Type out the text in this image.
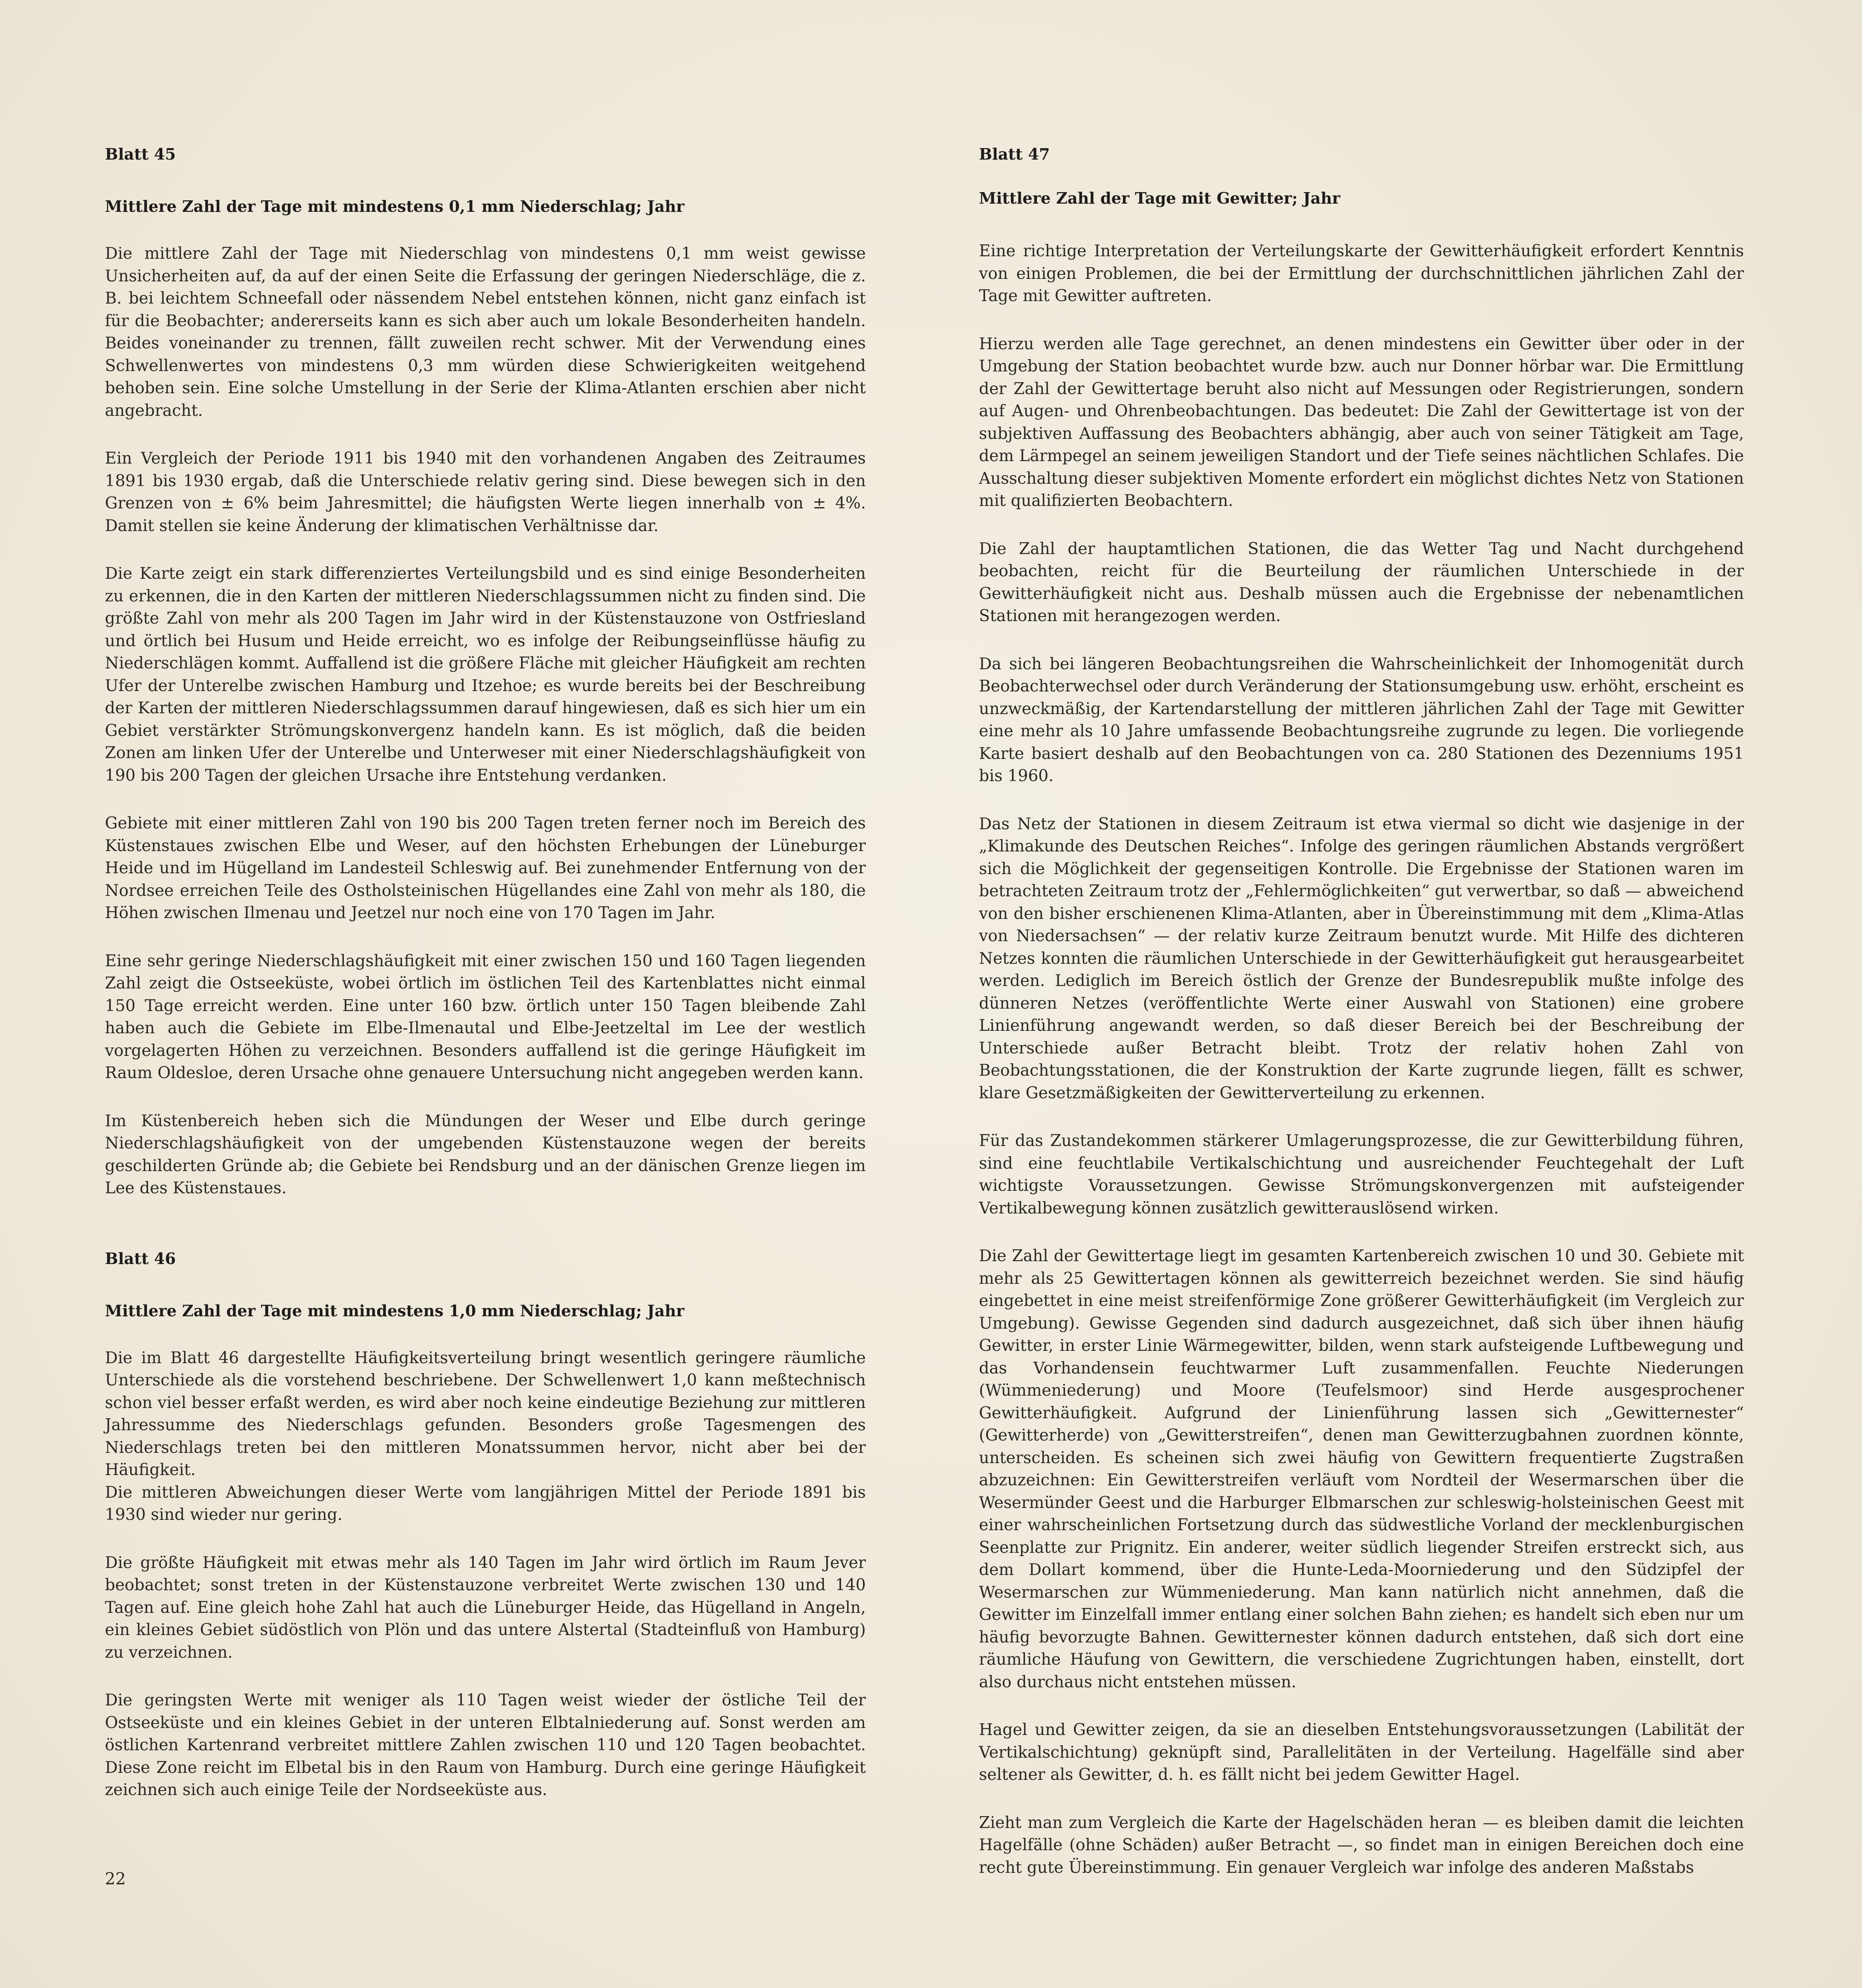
Blatt 45

Mittlere Zahl der Tage mit mindestens 0,1 mm Niederschlag; Jahr

Die mittlere Zahl der Tage mit Niederschlag von mindestens 0,1 mm weist gewisse Unsicherheiten auf, da auf der einen Seite die Erfassung der geringen Niederschläge, die z. B. bei leichtem Schneefall oder nässendem Nebel entstehen können, nicht ganz einfach ist für die Beobachter; andererseits kann es sich aber auch um lokale Besonderheiten handeln. Beides voneinander zu trennen, fällt zuweilen recht schwer. Mit der Verwendung eines Schwellenwertes von mindestens 0,3 mm würden diese Schwierigkeiten weitgehend behoben sein. Eine solche Umstellung in der Serie der Klima-Atlanten erschien aber nicht angebracht.

Ein Vergleich der Periode 1911 bis 1940 mit den vorhandenen Angaben des Zeitraumes 1891 bis 1930 ergab, daß die Unterschiede relativ gering sind. Diese bewegen sich in den Grenzen von ± 6% beim Jahresmittel; die häufigsten Werte liegen innerhalb von ± 4%. Damit stellen sie keine Änderung der klimatischen Verhältnisse dar.

Die Karte zeigt ein stark differenziertes Verteilungsbild und es sind einige Besonderheiten zu erkennen, die in den Karten der mittleren Niederschlagssummen nicht zu finden sind. Die größte Zahl von mehr als 200 Tagen im Jahr wird in der Küstenstauzone von Ostfriesland und örtlich bei Husum und Heide erreicht, wo es infolge der Reibungseinflüsse häufig zu Niederschlägen kommt. Auffallend ist die größere Fläche mit gleicher Häufigkeit am rechten Ufer der Unterelbe zwischen Hamburg und Itzehoe; es wurde bereits bei der Beschreibung der Karten der mittleren Niederschlagssummen darauf hingewiesen, daß es sich hier um ein Gebiet verstärkter Strömungskonvergenz handeln kann. Es ist möglich, daß die beiden Zonen am linken Ufer der Unterelbe und Unterweser mit einer Niederschlagshäufigkeit von 190 bis 200 Tagen der gleichen Ursache ihre Entstehung verdanken.

Gebiete mit einer mittleren Zahl von 190 bis 200 Tagen treten ferner noch im Bereich des Küstenstaues zwischen Elbe und Weser, auf den höchsten Erhebungen der Lüneburger Heide und im Hügelland im Landesteil Schleswig auf. Bei zunehmender Entfernung von der Nordsee erreichen Teile des Ostholsteinischen Hügellandes eine Zahl von mehr als 180, die Höhen zwischen Ilmenau und Jeetzel nur noch eine von 170 Tagen im Jahr.

Eine sehr geringe Niederschlagshäufigkeit mit einer zwischen 150 und 160 Tagen liegenden Zahl zeigt die Ostseeküste, wobei örtlich im östlichen Teil des Kartenblattes nicht einmal 150 Tage erreicht werden. Eine unter 160 bzw. örtlich unter 150 Tagen bleibende Zahl haben auch die Gebiete im Elbe-Ilmenautal und Elbe-Jeetzeltal im Lee der westlich vorgelagerten Höhen zu verzeichnen. Besonders auffallend ist die geringe Häufigkeit im Raum Oldesloe, deren Ursache ohne genauere Untersuchung nicht angegeben werden kann.

Im Küstenbereich heben sich die Mündungen der Weser und Elbe durch geringe Niederschlagshäufigkeit von der umgebenden Küstenstauzone wegen der bereits geschilderten Gründe ab; die Gebiete bei Rendsburg und an der dänischen Grenze liegen im Lee des Küstenstaues.

Blatt 46

Mittlere Zahl der Tage mit mindestens 1,0 mm Niederschlag; Jahr

Die im Blatt 46 dargestellte Häufigkeitsverteilung bringt wesentlich geringere räumliche Unterschiede als die vorstehend beschriebene. Der Schwellenwert 1,0 kann meßtechnisch schon viel besser erfaßt werden, es wird aber noch keine eindeutige Beziehung zur mittleren Jahressumme des Niederschlags gefunden. Besonders große Tagesmengen des Niederschlags treten bei den mittleren Monatssummen hervor, nicht aber bei der Häufigkeit.

Die mittleren Abweichungen dieser Werte vom langjährigen Mittel der Periode 1891 bis 1930 sind wieder nur gering.

Die größte Häufigkeit mit etwas mehr als 140 Tagen im Jahr wird örtlich im Raum Jever beobachtet; sonst treten in der Küstenstauzone verbreitet Werte zwischen 130 und 140 Tagen auf. Eine gleich hohe Zahl hat auch die Lüneburger Heide, das Hügelland in Angeln, ein kleines Gebiet südöstlich von Plön und das untere Alstertal (Stadteinfluß von Hamburg) zu verzeichnen.

Die geringsten Werte mit weniger als 110 Tagen weist wieder der östliche Teil der Ostseeküste und ein kleines Gebiet in der unteren Elbtalniederung auf. Sonst werden am östlichen Kartenrand verbreitet mittlere Zahlen zwischen 110 und 120 Tagen beobachtet. Diese Zone reicht im Elbetal bis in den Raum von Hamburg. Durch eine geringe Häufigkeit zeichnen sich auch einige Teile der Nordseeküste aus.

Blatt 47

Mittlere Zahl der Tage mit Gewitter; Jahr

Eine richtige Interpretation der Verteilungskarte der Gewitterhäufigkeit erfordert Kenntnis von einigen Problemen, die bei der Ermittlung der durchschnittlichen jährlichen Zahl der Tage mit Gewitter auftreten.

Hierzu werden alle Tage gerechnet, an denen mindestens ein Gewitter über oder in der Umgebung der Station beobachtet wurde bzw. auch nur Donner hörbar war. Die Ermittlung der Zahl der Gewittertage beruht also nicht auf Messungen oder Registrierungen, sondern auf Augen- und Ohrenbeobachtungen. Das bedeutet: Die Zahl der Gewittertage ist von der subjektiven Auffassung des Beobachters abhängig, aber auch von seiner Tätigkeit am Tage, dem Lärmpegel an seinem jeweiligen Standort und der Tiefe seines nächtlichen Schlafes. Die Ausschaltung dieser subjektiven Momente erfordert ein möglichst dichtes Netz von Stationen mit qualifizierten Beobachtern.

Die Zahl der hauptamtlichen Stationen, die das Wetter Tag und Nacht durchgehend beobachten, reicht für die Beurteilung der räumlichen Unterschiede in der Gewitterhäufigkeit nicht aus. Deshalb müssen auch die Ergebnisse der nebenamtlichen Stationen mit herangezogen werden.

Da sich bei längeren Beobachtungsreihen die Wahrscheinlichkeit der Inhomogenität durch Beobachterwechsel oder durch Veränderung der Stationsumgebung usw. erhöht, erscheint es unzweckmäßig, der Kartendarstellung der mittleren jährlichen Zahl der Tage mit Gewitter eine mehr als 10 Jahre umfassende Beobachtungsreihe zugrunde zu legen. Die vorliegende Karte basiert deshalb auf den Beobachtungen von ca. 280 Stationen des Dezenniums 1951 bis 1960.

Das Netz der Stationen in diesem Zeitraum ist etwa viermal so dicht wie dasjenige in der „Klimakunde des Deutschen Reiches“. Infolge des geringen räumlichen Abstands vergrößert sich die Möglichkeit der gegenseitigen Kontrolle. Die Ergebnisse der Stationen waren im betrachteten Zeitraum trotz der „Fehlermöglichkeiten“ gut verwertbar, so daß — abweichend von den bisher erschienenen Klima-Atlanten, aber in Übereinstimmung mit dem „Klima-Atlas von Niedersachsen“ — der relativ kurze Zeitraum benutzt wurde. Mit Hilfe des dichteren Netzes konnten die räumlichen Unterschiede in der Gewitterhäufigkeit gut herausgearbeitet werden. Lediglich im Bereich östlich der Grenze der Bundesrepublik mußte infolge des dünneren Netzes (veröffentlichte Werte einer Auswahl von Stationen) eine grobere Linienführung angewandt werden, so daß dieser Bereich bei der Beschreibung der Unterschiede außer Betracht bleibt. Trotz der relativ hohen Zahl von Beobachtungsstationen, die der Konstruktion der Karte zugrunde liegen, fällt es schwer, klare Gesetzmäßigkeiten der Gewitterverteilung zu erkennen.

Für das Zustandekommen stärkerer Umlagerungsprozesse, die zur Gewitterbildung führen, sind eine feuchtlabile Vertikalschichtung und ausreichender Feuchtegehalt der Luft wichtigste Voraussetzungen. Gewisse Strömungskonvergenzen mit aufsteigender Vertikalbewegung können zusätzlich gewitterauslösend wirken.

Die Zahl der Gewittertage liegt im gesamten Kartenbereich zwischen 10 und 30. Gebiete mit mehr als 25 Gewittertagen können als gewitterreich bezeichnet werden. Sie sind häufig eingebettet in eine meist streifenförmige Zone größerer Gewitterhäufigkeit (im Vergleich zur Umgebung). Gewisse Gegenden sind dadurch ausgezeichnet, daß sich über ihnen häufig Gewitter, in erster Linie Wärmegewitter, bilden, wenn stark aufsteigende Luftbewegung und das Vorhandensein feuchtwarmer Luft zusammenfallen. Feuchte Niederungen (Wümmeniederung) und Moore (Teufelsmoor) sind Herde ausgesprochener Gewitterhäufigkeit. Aufgrund der Linienführung lassen sich „Gewitternester“ (Gewitterherde) von „Gewitterstreifen“, denen man Gewitterzugbahnen zuordnen könnte, unterscheiden. Es scheinen sich zwei häufig von Gewittern frequentierte Zugstraßen abzuzeichnen: Ein Gewitterstreifen verläuft vom Nordteil der Wesermarschen über die Wesermünder Geest und die Harburger Elbmarschen zur schleswig-holsteinischen Geest mit einer wahrscheinlichen Fortsetzung durch das südwestliche Vorland der mecklenburgischen Seenplatte zur Prignitz. Ein anderer, weiter südlich liegender Streifen erstreckt sich, aus dem Dollart kommend, über die Hunte-Leda-Moorniederung und den Südzipfel der Wesermarschen zur Wümmeniederung. Man kann natürlich nicht annehmen, daß die Gewitter im Einzelfall immer entlang einer solchen Bahn ziehen; es handelt sich eben nur um häufig bevorzugte Bahnen. Gewitternester können dadurch entstehen, daß sich dort eine räumliche Häufung von Gewittern, die verschiedene Zugrichtungen haben, einstellt, dort also durchaus nicht entstehen müssen.

Hagel und Gewitter zeigen, da sie an dieselben Entstehungsvoraussetzungen (Labilität der Vertikalschichtung) geknüpft sind, Parallelitäten in der Verteilung. Hagelfälle sind aber seltener als Gewitter, d. h. es fällt nicht bei jedem Gewitter Hagel.

Zieht man zum Vergleich die Karte der Hagelschäden heran — es bleiben damit die leichten Hagelfälle (ohne Schäden) außer Betracht —, so findet man in einigen Bereichen doch eine recht gute Übereinstimmung. Ein genauer Vergleich war infolge des anderen Maßstabs

22
